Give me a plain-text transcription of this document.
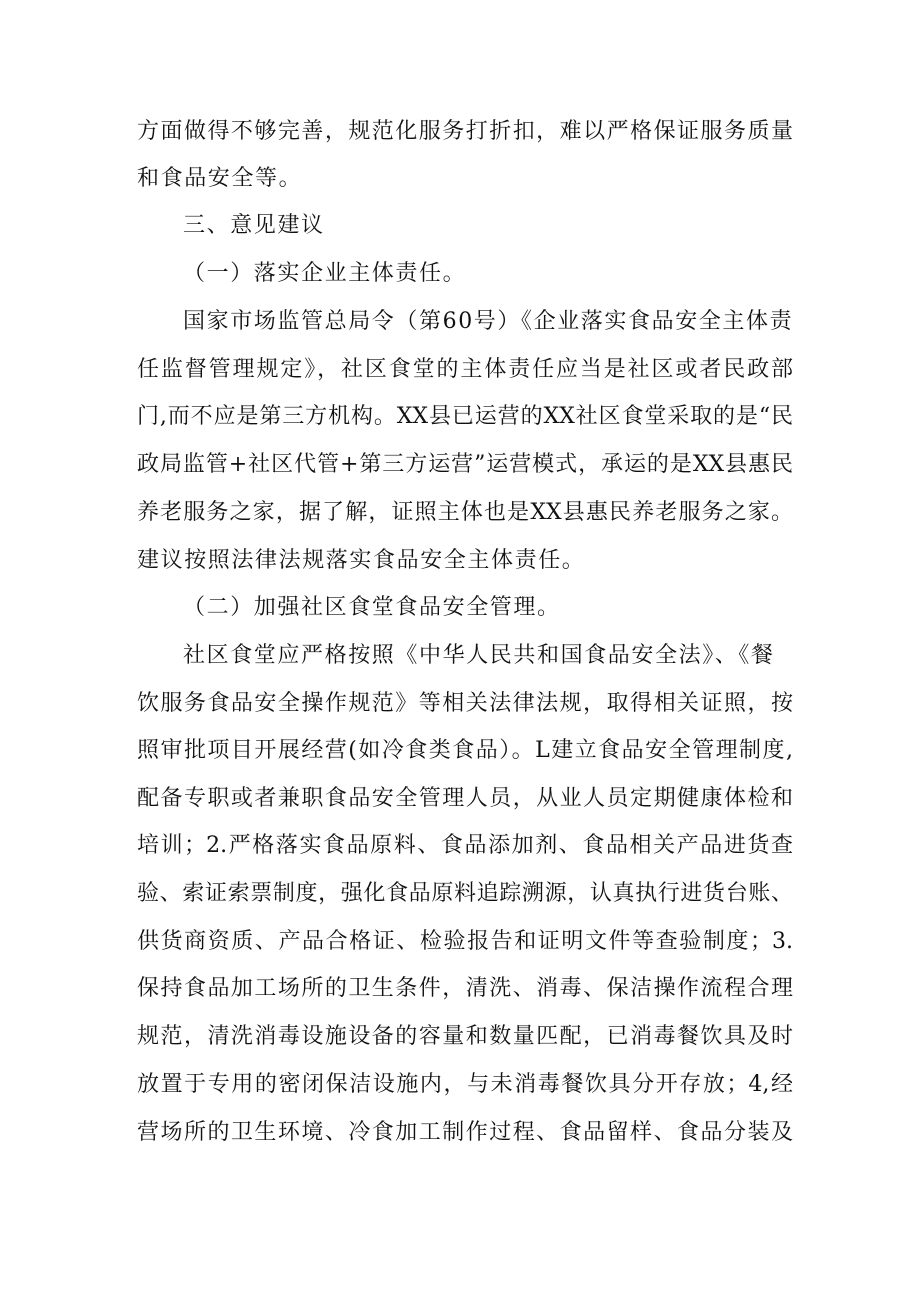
方面做得不够完善，规范化服务打折扣，难以严格保证服务质量
和食品安全等。
三、意见建议
（一）落实企业主体责任。
国家市场监管总局令（第60号）《企业落实食品安全主体责
任监督管理规定》，社区食堂的主体责任应当是社区或者民政部
门,而不应是第三方机构。XX县已运营的XX社区食堂采取的是“民
政局监管+社区代管+第三方运营”运营模式，承运的是XX县惠民
养老服务之家，据了解，证照主体也是XX县惠民养老服务之家。
建议按照法律法规落实食品安全主体责任。
（二）加强社区食堂食品安全管理。
社区食堂应严格按照《中华人民共和国食品安全法》、《餐
饮服务食品安全操作规范》等相关法律法规，取得相关证照，按
照审批项目开展经营(如冷食类食品）。L建立食品安全管理制度,
配备专职或者兼职食品安全管理人员，从业人员定期健康体检和
培训；2.严格落实食品原料、食品添加剂、食品相关产品进货查
验、索证索票制度，强化食品原料追踪溯源，认真执行进货台账、
供货商资质、产品合格证、检验报告和证明文件等查验制度；3.
保持食品加工场所的卫生条件，清洗、消毒、保洁操作流程合理
规范，清洗消毒设施设备的容量和数量匹配，已消毒餐饮具及时
放置于专用的密闭保洁设施内，与未消毒餐饮具分开存放；4,经
营场所的卫生环境、冷食加工制作过程、食品留样、食品分装及
